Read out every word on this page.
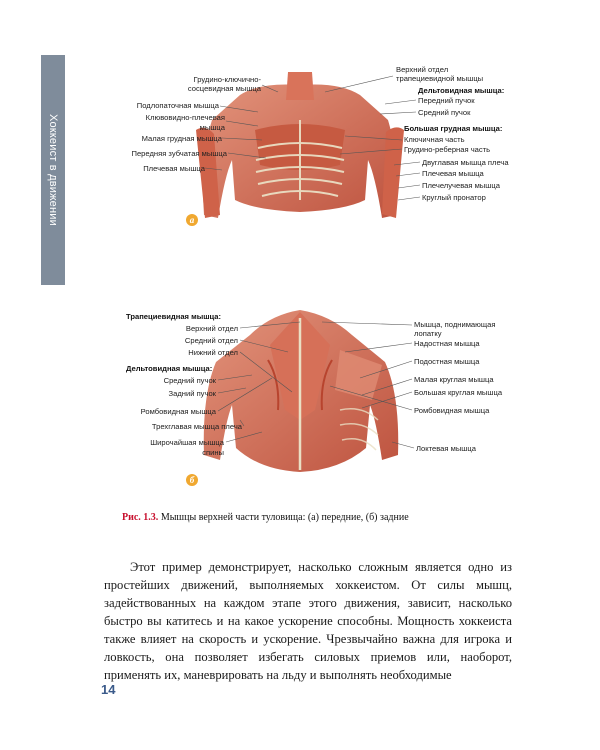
Хоккеист в движении
Грудино-ключично-
сосцевидная мышца
Подлопаточная мышца
Клювовидно-плечевая
мышца
Малая грудная мышца
Передняя зубчатая мышца
Плечевая мышца
Верхний отдел
трапециевидной мышцы
Дельтовидная мышца:
Передний пучок
Средний пучок
Большая грудная мышца:
Ключичная часть
Грудино-реберная часть
Двуглавая мышца плеча
Плечевая мышца
Плечелучевая мышца
Круглый пронатор
а
Трапециевидная мышца:
Верхний отдел
Средний отдел
Нижний отдел
Дельтовидная мышца:
Средний пучок
Задний пучок
Ромбовидная мышца
Трехглавая мышца плеча
Широчайшая мышца
спины
Мышца, поднимающая
лопатку
Надостная мышца
Подостная мышца
Малая круглая мышца
Большая круглая мышца
Ромбовидная мышца
Локтевая мышца
б
Рис. 1.3. Мышцы верхней части туловища: (а) передние, (б) задние

Этот пример демонстрирует, насколько сложным является одно из простейших движений, выполняемых хоккеистом. От силы мышц, задействованных на каждом этапе этого движения, зависит, насколько быстро вы катитесь и на какое ускорение способны. Мощность хоккеиста также влияет на скорость и ускорение. Чрезвычайно важна для игрока и ловкость, она позволяет избегать силовых приемов или, наоборот, применять их, маневрировать на льду и выполнять необходимые

14
